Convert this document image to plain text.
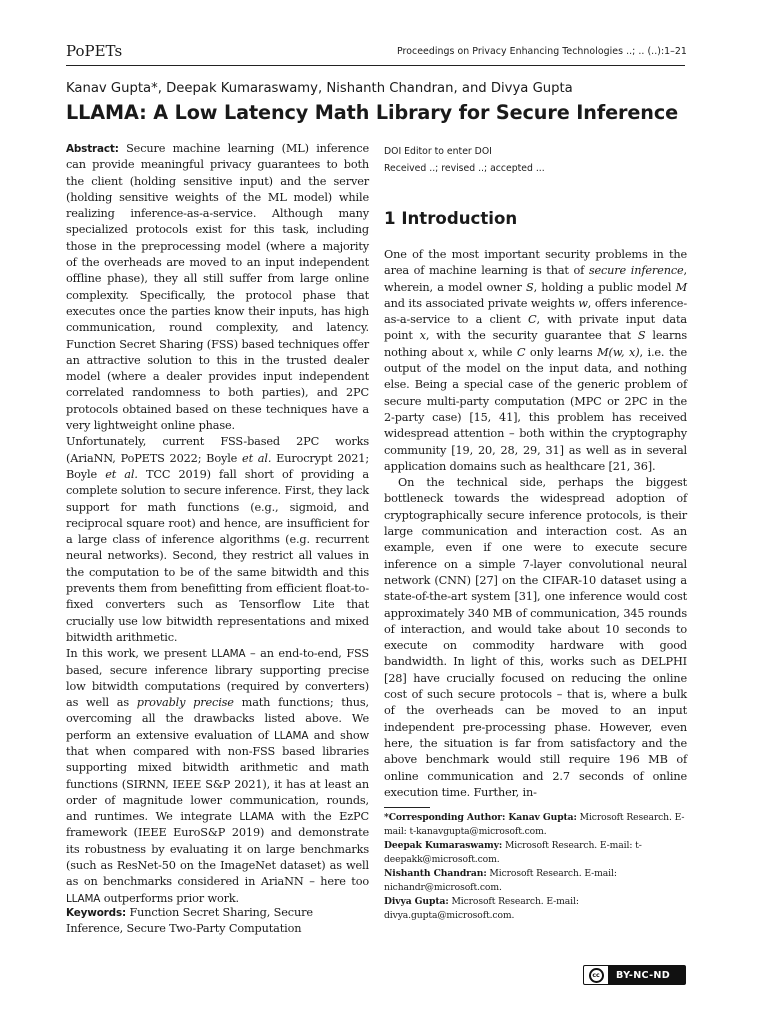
PoPETs	Proceedings on Privacy Enhancing Technologies ..; .. (..):1–21
Kanav Gupta*, Deepak Kumaraswamy, Nishanth Chandran, and Divya Gupta
LLAMA: A Low Latency Math Library for Secure Inference

Abstract: Secure machine learning (ML) inference can provide meaningful privacy guarantees to both the client (holding sensitive input) and the server (holding sensitive weights of the ML model) while realizing inference-as-a-service. Although many specialized protocols exist for this task, including those in the preprocessing model (where a majority of the overheads are moved to an input independent offline phase), they all still suffer from large online complexity. Specifically, the protocol phase that executes once the parties know their inputs, has high communication, round complexity, and latency. Function Secret Sharing (FSS) based techniques offer an attractive solution to this in the trusted dealer model (where a dealer provides input independent correlated randomness to both parties), and 2PC protocols obtained based on these techniques have a very lightweight online phase.

Unfortunately, current FSS-based 2PC works (AriaNN, PoPETS 2022; Boyle et al. Eurocrypt 2021; Boyle et al. TCC 2019) fall short of providing a complete solution to secure inference. First, they lack support for math functions (e.g., sigmoid, and reciprocal square root) and hence, are insufficient for a large class of inference algorithms (e.g. recurrent neural networks). Second, they restrict all values in the computation to be of the same bitwidth and this prevents them from benefitting from efficient float-to-fixed converters such as Tensorflow Lite that crucially use low bitwidth representations and mixed bitwidth arithmetic.

In this work, we present LLAMA – an end-to-end, FSS based, secure inference library supporting precise low bitwidth computations (required by converters) as well as provably precise math functions; thus, overcoming all the drawbacks listed above. We perform an extensive evaluation of LLAMA and show that when compared with non-FSS based libraries supporting mixed bitwidth arithmetic and math functions (SIRNN, IEEE S&P 2021), it has at least an order of magnitude lower communication, rounds, and runtimes. We integrate LLAMA with the EzPC framework (IEEE EuroS&P 2019) and demonstrate its robustness by evaluating it on large benchmarks (such as ResNet-50 on the ImageNet dataset) as well as on benchmarks considered in AriaNN – here too LLAMA outperforms prior work.

Keywords: Function Secret Sharing, Secure Inference, Secure Two-Party Computation

DOI Editor to enter DOI
Received ..; revised ..; accepted ...
1 Introduction

One of the most important security problems in the area of machine learning is that of secure inference, wherein, a model owner S, holding a public model M and its associated private weights w, offers inference-as-a-service to a client C, with private input data point x, with the security guarantee that S learns nothing about x, while C only learns M(w, x), i.e. the output of the model on the input data, and nothing else. Being a special case of the generic problem of secure multi-party computation (MPC or 2PC in the 2-party case) [15, 41], this problem has received widespread attention – both within the cryptography community [19, 20, 28, 29, 31] as well as in several application domains such as healthcare [21, 36].

On the technical side, perhaps the biggest bottleneck towards the widespread adoption of cryptographically secure inference protocols, is their large communication and interaction cost. As an example, even if one were to execute secure inference on a simple 7-layer convolutional neural network (CNN) [27] on the CIFAR-10 dataset using a state-of-the-art system [31], one inference would cost approximately 340 MB of communication, 345 rounds of interaction, and would take about 10 seconds to execute on commodity hardware with good bandwidth. In light of this, works such as DELPHI [28] have crucially focused on reducing the online cost of such secure protocols – that is, where a bulk of the overheads can be moved to an input independent pre-processing phase. However, even here, the situation is far from satisfactory and the above benchmark would still require 196 MB of online communication and 2.7 seconds of online execution time. Further, in-

*Corresponding Author: Kanav Gupta: Microsoft Research. E-mail: t-kanavgupta@microsoft.com.

Deepak Kumaraswamy: Microsoft Research. E-mail: t-deepakk@microsoft.com.

Nishanth Chandran: Microsoft Research. E-mail: nichandr@microsoft.com.

Divya Gupta: Microsoft Research. E-mail: divya.gupta@microsoft.com.

cc	BY-NC-ND
